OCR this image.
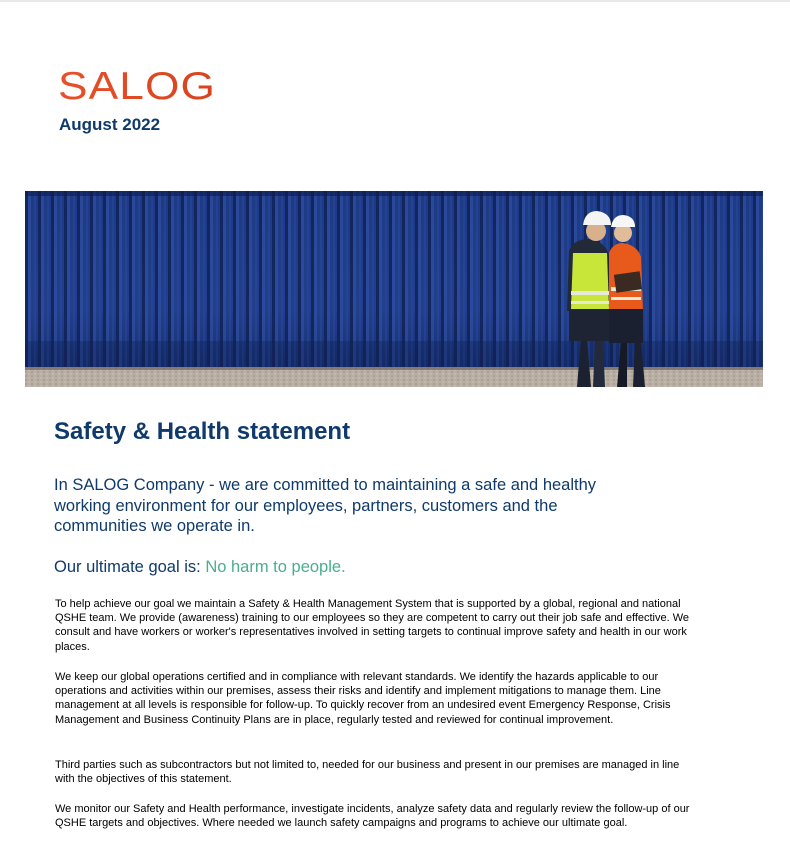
SALOG
August 2022
Safety & Health statement

In SALOG Company - we are committed to maintaining a safe and healthy working environment for our employees, partners, customers and the communities we operate in.

Our ultimate goal is: No harm to people.

To help achieve our goal we maintain a Safety & Health Management System that is supported by a global, regional and national QSHE team. We provide (awareness) training to our employees so they are competent to carry out their job safe and effective. We consult and have workers or worker's representatives involved in setting targets to continual improve safety and health in our work places.

We keep our global operations certified and in compliance with relevant standards. We identify the hazards applicable to our operations and activities within our premises, assess their risks and identify and implement mitigations to manage them. Line management at all levels is responsible for follow-up. To quickly recover from an undesired event Emergency Response, Crisis Management and Business Continuity Plans are in place, regularly tested and reviewed for continual improvement.

Third parties such as subcontractors but not limited to, needed for our business and present in our premises are managed in line with the objectives of this statement.

We monitor our Safety and Health performance, investigate incidents, analyze safety data and regularly review the follow-up of our QSHE targets and objectives. Where needed we launch safety campaigns and programs to achieve our ultimate goal.
